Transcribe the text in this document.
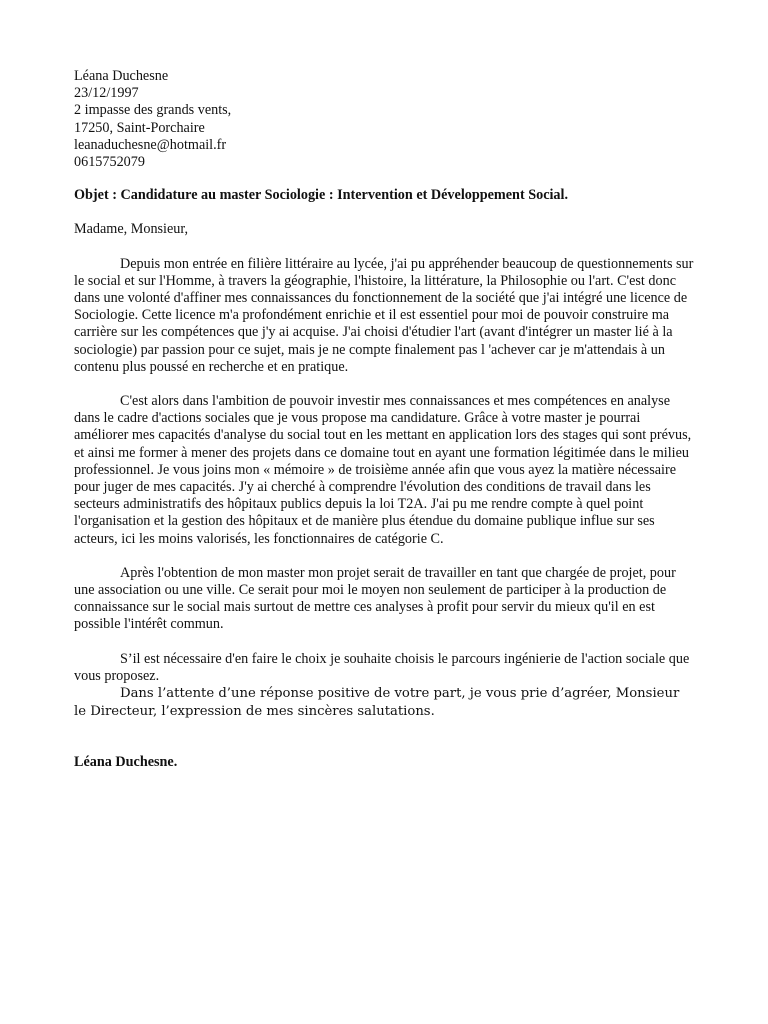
Léana Duchesne
23/12/1997
2 impasse des grands vents,
17250, Saint-Porchaire
leanaduchesne@hotmail.fr
0615752079
Objet : Candidature au master Sociologie : Intervention et Développement Social.
Madame, Monsieur,

Depuis mon entrée en filière littéraire au lycée, j'ai pu appréhender beaucoup de questionnements sur le social et sur l'Homme, à travers la géographie, l'histoire, la littérature, la Philosophie ou l'art. C'est donc dans une volonté d'affiner mes connaissances du fonctionnement de la société que j'ai intégré une licence de Sociologie. Cette licence m'a profondément enrichie et il est essentiel pour moi de pouvoir construire ma carrière sur les compétences que j'y ai acquise. J'ai choisi d'étudier l'art (avant d'intégrer un master lié à la sociologie) par passion pour ce sujet, mais je ne compte finalement pas l 'achever car je m'attendais à un contenu plus poussé en recherche et en pratique.

C'est alors dans l'ambition de pouvoir investir mes connaissances et mes compétences en analyse dans le cadre d'actions sociales que je vous propose ma candidature. Grâce à votre master je pourrai améliorer mes capacités d'analyse du social tout en les mettant en application lors des stages qui sont prévus, et ainsi me former à mener des projets dans ce domaine tout en ayant une formation légitimée dans le milieu professionnel. Je vous joins mon « mémoire » de troisième année afin que vous ayez la matière nécessaire pour juger de mes capacités. J'y ai cherché à comprendre l'évolution des conditions de travail dans les secteurs administratifs des hôpitaux publics depuis la loi T2A. J'ai pu me rendre compte à quel point l'organisation et la gestion des hôpitaux et de manière plus étendue du domaine publique influe sur ses acteurs, ici les moins valorisés, les fonctionnaires de catégorie C.

Après l'obtention de mon master mon projet serait de travailler en tant que chargée de projet, pour une association ou une ville. Ce serait pour moi le moyen non seulement de participer à la production de connaissance sur le social mais surtout de mettre ces analyses à profit pour servir du mieux qu'il en est possible l'intérêt commun.

S’il est nécessaire d'en faire le choix je souhaite choisis le parcours ingénierie de l'action sociale que vous proposez.

Dans l’attente d’une réponse positive de votre part, je vous prie d’agréer, Monsieur le Directeur, l’expression de mes sincères salutations.

Léana Duchesne.
